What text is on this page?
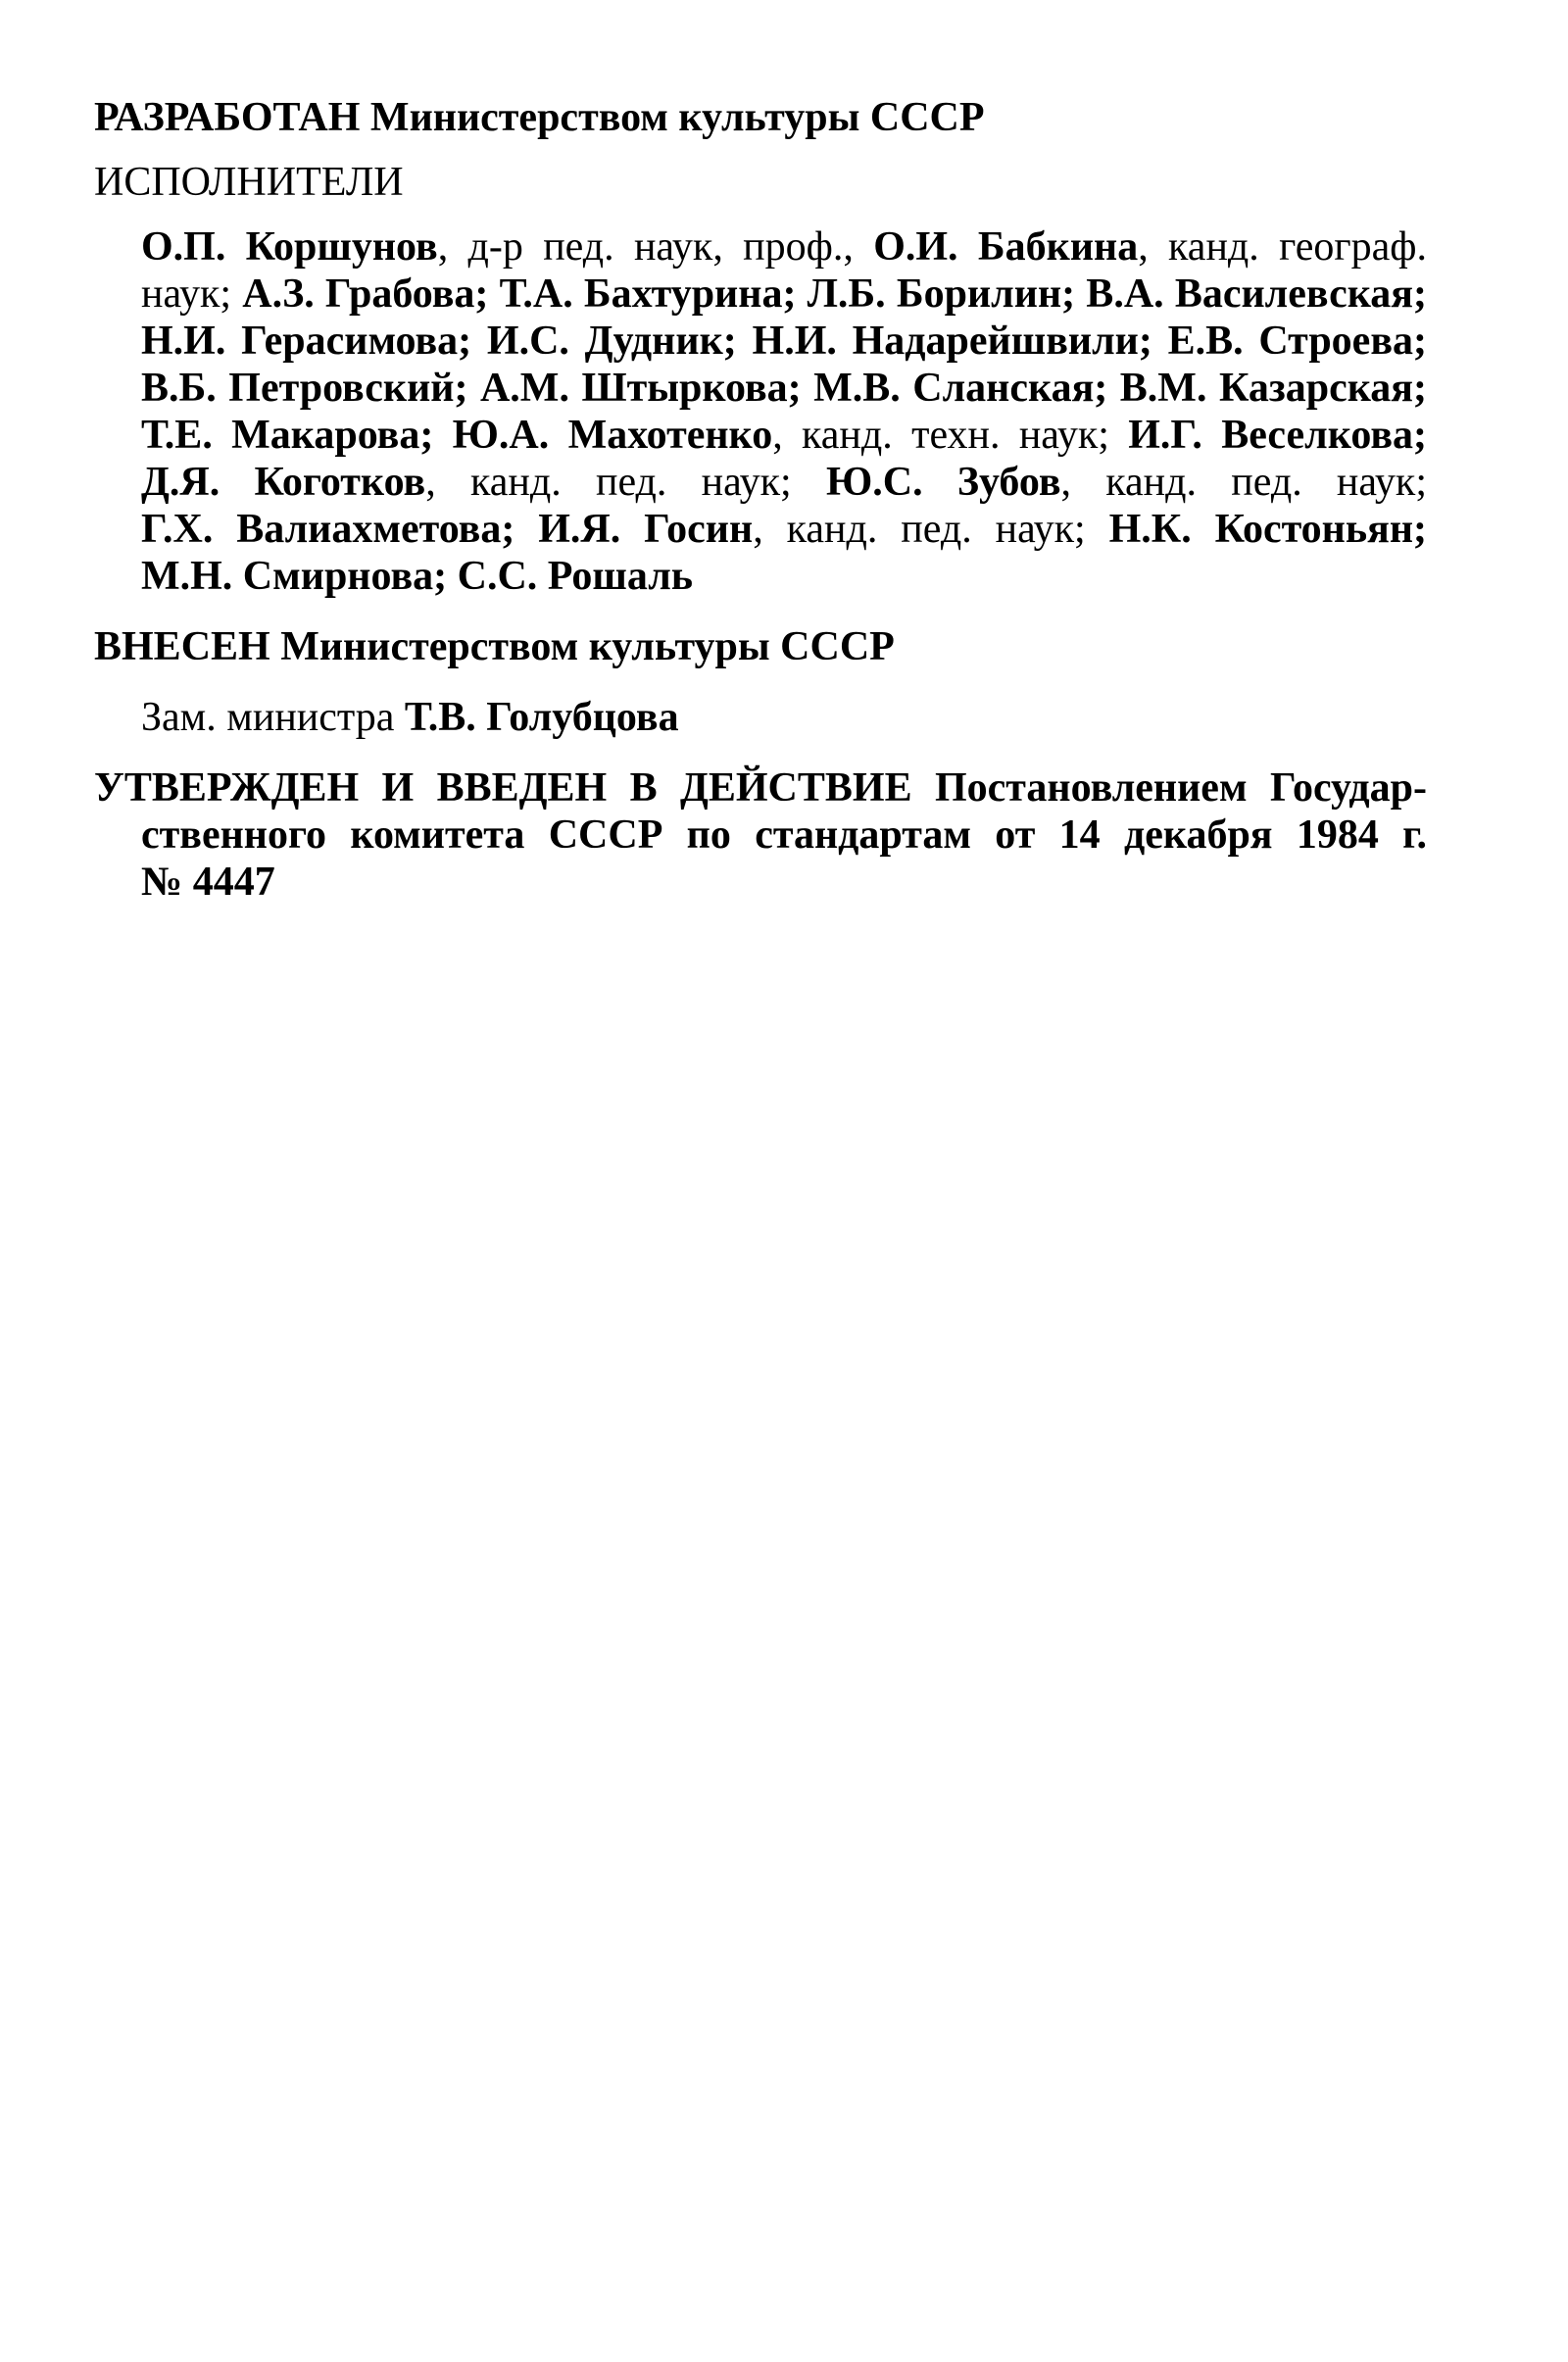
РАЗРАБОТАН Министерством культуры СССР

ИСПОЛНИТЕЛИ

О.П. Коршунов, д-р пед. наук, проф., О.И. Бабкина, канд. географ.

наук; А.З. Грабова; Т.А. Бахтурина; Л.Б. Борилин; В.А. Василевская;

Н.И. Герасимова; И.С. Дудник; Н.И. Надарейшвили; Е.В. Строева;

В.Б. Петровский; А.М. Штыркова; М.В. Сланская; В.М. Казарская;

Т.Е. Макарова; Ю.А. Махотенко, канд. техн. наук; И.Г. Веселкова;

Д.Я. Коготков, канд. пед. наук; Ю.С. Зубов, канд. пед. наук;

Г.Х. Валиахметова; И.Я. Госин, канд. пед. наук; Н.К. Костоньян;

М.Н. Смирнова; С.С. Рошаль

ВНЕСЕН Министерством культуры СССР

Зам. министра Т.В. Голубцова

УТВЕРЖДЕН И ВВЕДЕН В ДЕЙСТВИЕ Постановлением Государ-

ственного комитета СССР по стандартам от 14 декабря 1984 г.

№ 4447
